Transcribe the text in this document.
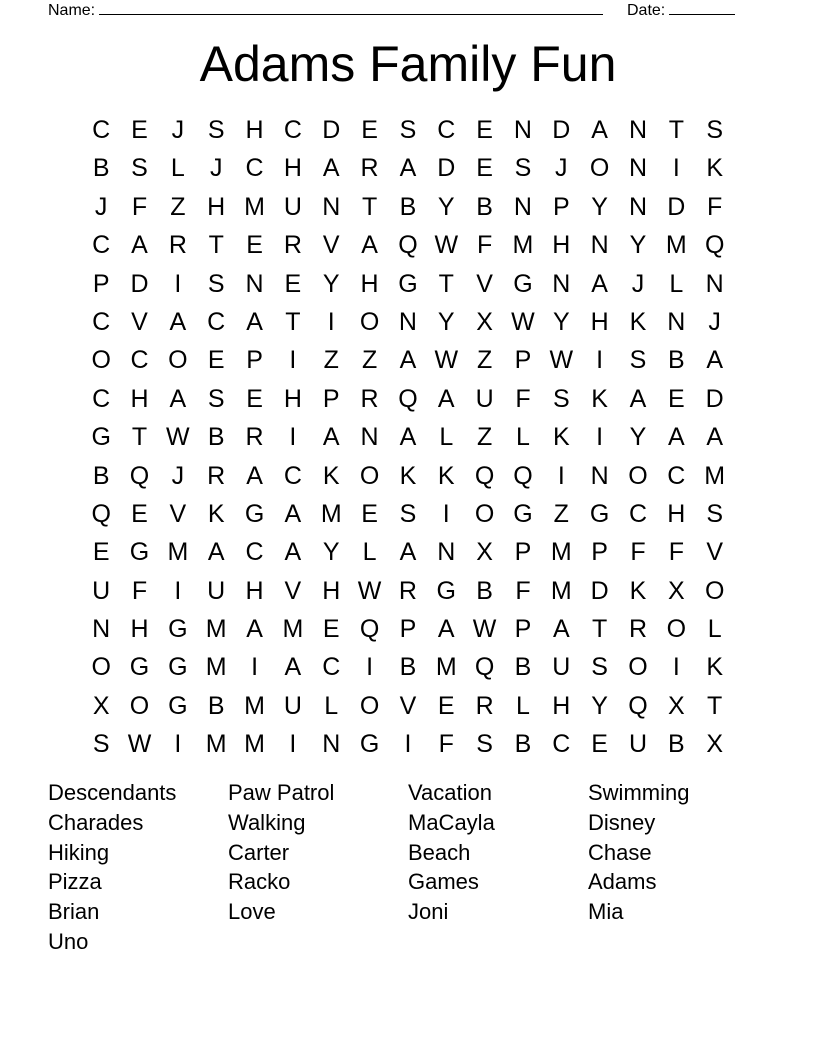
Name:	Date:
Adams Family Fun
C E J S H C D E S C E N D A N T S
B S L	J C H A R A D E S J O N	I	K
J F Z H M U N T B Y B N P Y N D F
C A R T E R V A Q W F M H N Y M Q
P D	I	S N E Y H G T V G N A J	L N
C V A C A T	I	O N Y X W Y H K N J
O C O E P	I	Z Z A W Z P W I	S B A
C H A S E H P R Q A U F S K A E D
G T W B R	I	A N A L Z L K	I	Y A A
B Q J R A C K O K K Q Q	I	N O C M
Q E V K G A M E S	I	O G Z G C H S
E G M A C A Y L A N X P M P F F V
U F	I	U H V H W R G B F M D K X O
N H G M A M E Q P A W P A T R O L
O G G M I	A C	I	B M Q B U S O	I	K
X O G B M U L O V E R L H Y Q X T
S W I M M I	N G	I	F S B C E U B X
Descendants	Paw Patrol	Vacation	Swimming
Charades	Walking	MaCayla	Disney
Hiking	Carter	Beach	Chase
Pizza	Racko	Games	Adams
Brian	Love	Joni	Mia
Uno
